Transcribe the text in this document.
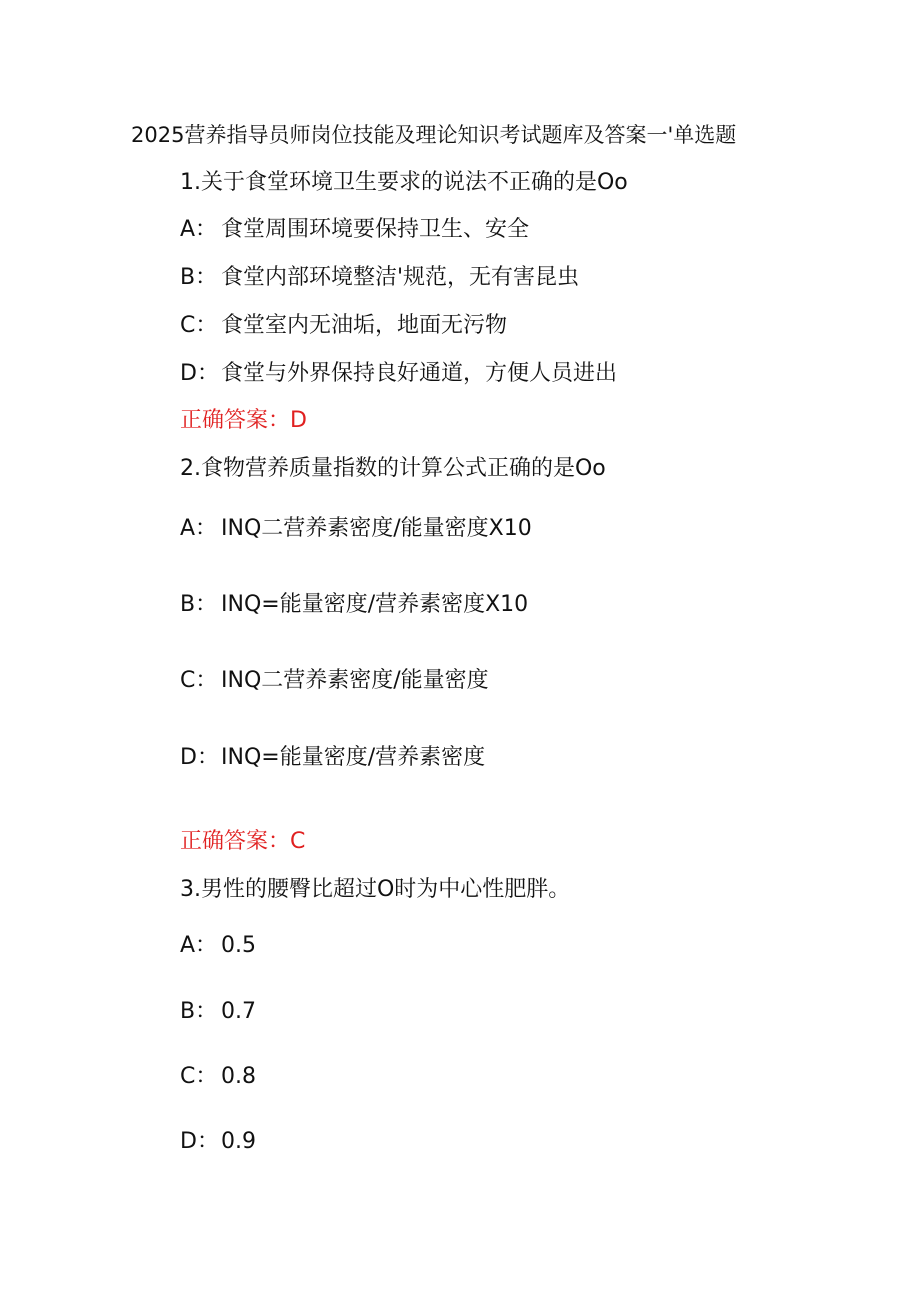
2025营养指导员师岗位技能及理论知识考试题库及答案一'单选题
1.关于食堂环境卫生要求的说法不正确的是Oo
A： 食堂周围环境要保持卫生、安全
B： 食堂内部环境整洁'规范，无有害昆虫
C： 食堂室内无油垢，地面无污物
D： 食堂与外界保持良好通道，方便人员进出
正确答案：D
2.食物营养质量指数的计算公式正确的是Oo
A： INQ二营养素密度/能量密度X10
B： INQ=能量密度/营养素密度X10
C： INQ二营养素密度/能量密度
D： INQ=能量密度/营养素密度
正确答案：C
3.男性的腰臀比超过O时为中心性肥胖。
A： 0.5
B： 0.7
C： 0.8
D： 0.9
